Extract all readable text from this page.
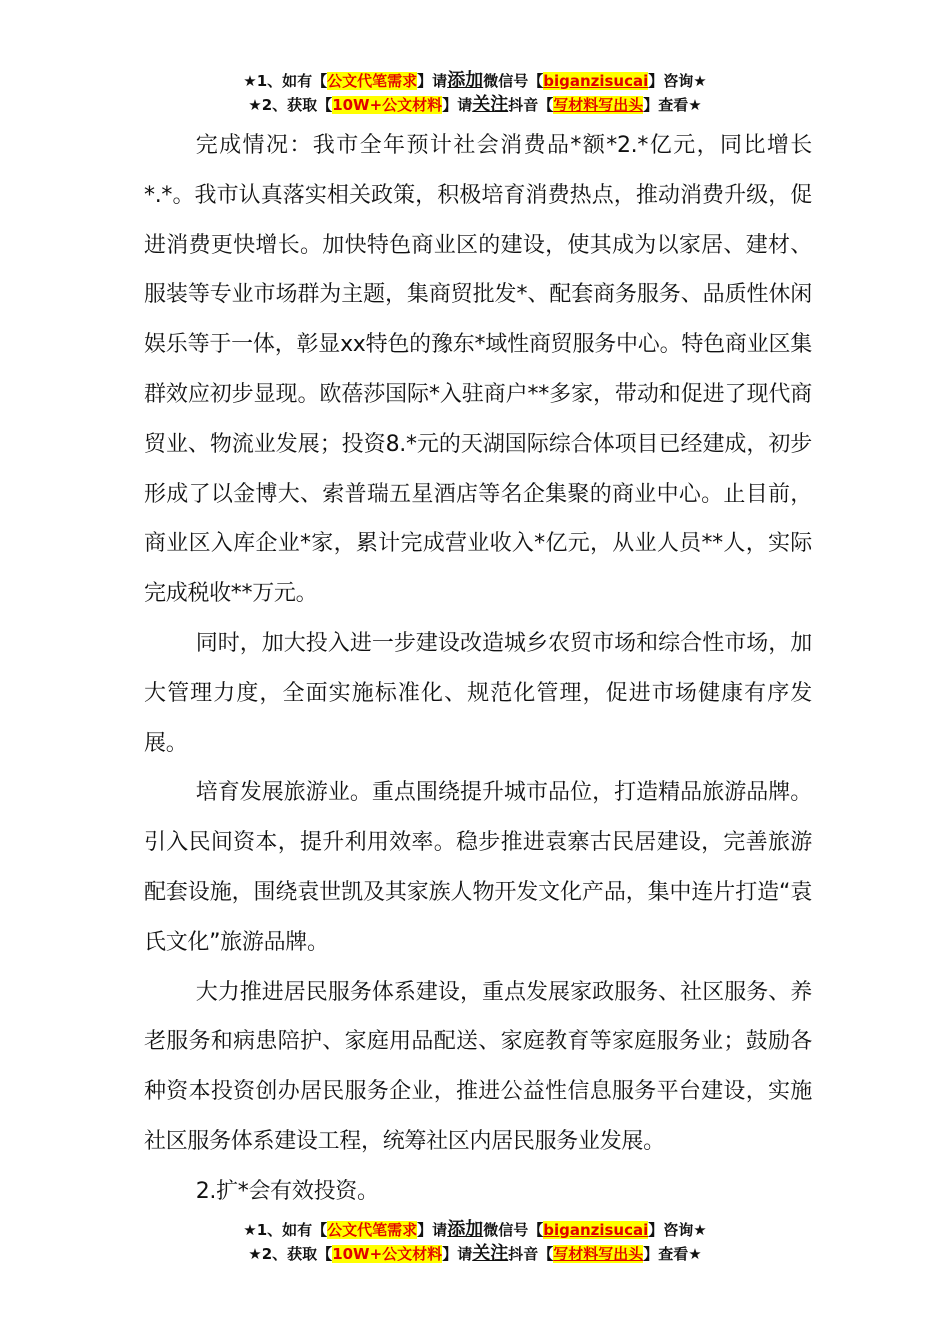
★1、如有【公文代笔需求】请添加微信号【biganzisucai】咨询★
★2、获取【10W+公文材料】请关注抖音【写材料写出头】查看★

完成情况：我市全年预计社会消费品*额*2.*亿元，同比增长*.*。我市认真落实相关政策，积极培育消费热点，推动消费升级，促进消费更快增长。加快特色商业区的建设，使其成为以家居、建材、服装等专业市场群为主题，集商贸批发*、配套商务服务、品质性休闲娱乐等于一体，彰显xx特色的豫东*域性商贸服务中心。特色商业区集群效应初步显现。欧蓓莎国际*入驻商户**多家，带动和促进了现代商贸业、物流业发展；投资8.*元的天湖国际综合体项目已经建成，初步形成了以金博大、索普瑞五星酒店等名企集聚的商业中心。止目前，商业区入库企业*家，累计完成营业收入*亿元，从业人员**人，实际完成税收**万元。

同时，加大投入进一步建设改造城乡农贸市场和综合性市场，加大管理力度，全面实施标准化、规范化管理，促进市场健康有序发展。

培育发展旅游业。重点围绕提升城市品位，打造精品旅游品牌。引入民间资本，提升利用效率。稳步推进袁寨古民居建设，完善旅游配套设施，围绕袁世凯及其家族人物开发文化产品，集中连片打造“袁氏文化”旅游品牌。

大力推进居民服务体系建设，重点发展家政服务、社区服务、养老服务和病患陪护、家庭用品配送、家庭教育等家庭服务业；鼓励各种资本投资创办居民服务企业，推进公益性信息服务平台建设，实施社区服务体系建设工程，统筹社区内居民服务业发展。

2.扩*会有效投资。

★1、如有【公文代笔需求】请添加微信号【biganzisucai】咨询★
★2、获取【10W+公文材料】请关注抖音【写材料写出头】查看★
